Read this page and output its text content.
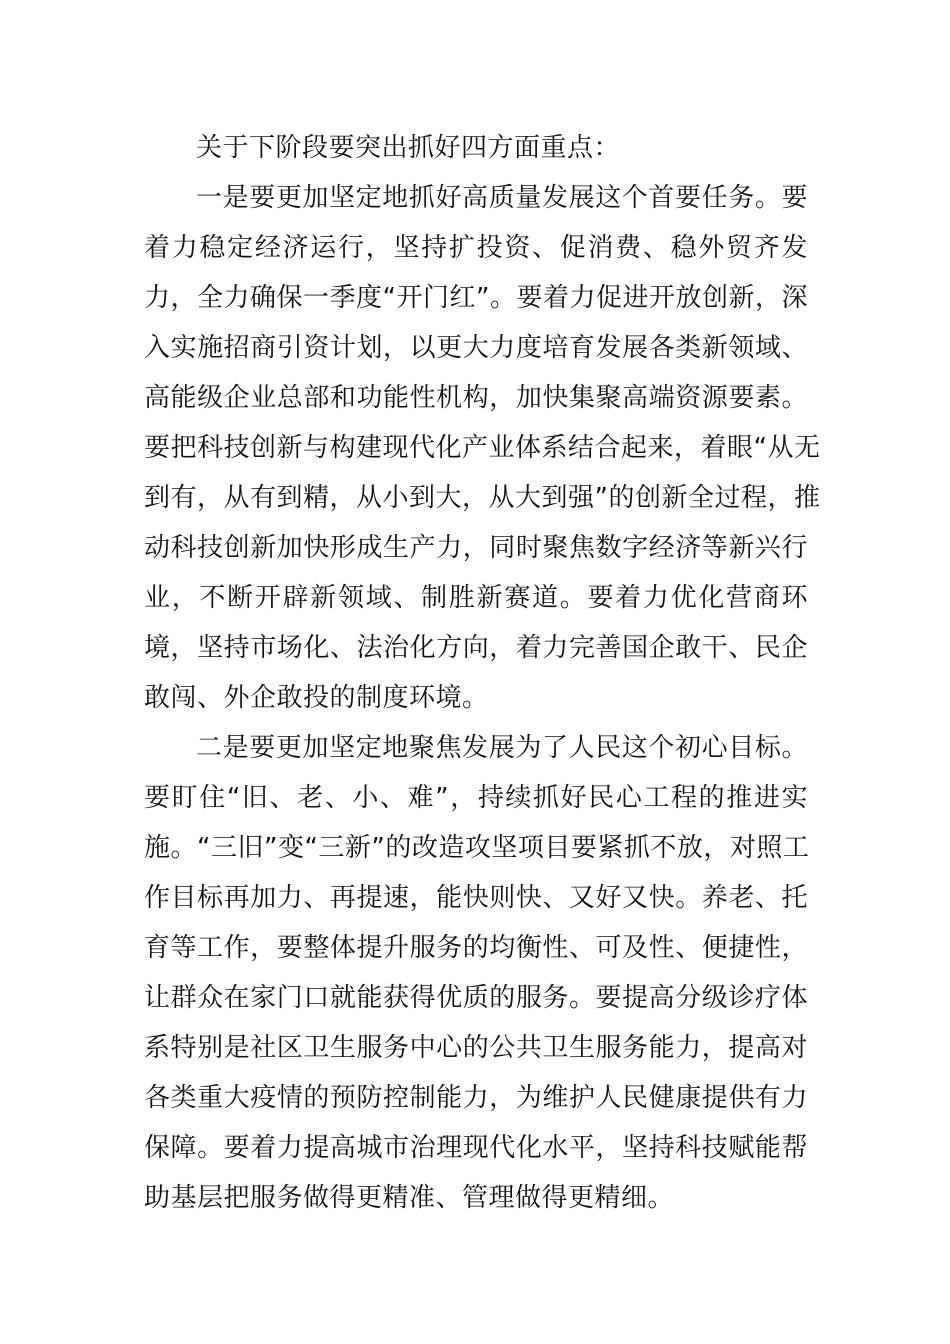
关于下阶段要突出抓好四方面重点：
一是要更加坚定地抓好高质量发展这个首要任务。要
着力稳定经济运行，坚持扩投资、促消费、稳外贸齐发
力，全力确保一季度“开门红”。要着力促进开放创新，深
入实施招商引资计划，以更大力度培育发展各类新领域、
高能级企业总部和功能性机构，加快集聚高端资源要素。
要把科技创新与构建现代化产业体系结合起来，着眼“从无
到有，从有到精，从小到大，从大到强”的创新全过程，推
动科技创新加快形成生产力，同时聚焦数字经济等新兴行
业，不断开辟新领域、制胜新赛道。要着力优化营商环
境，坚持市场化、法治化方向，着力完善国企敢干、民企
敢闯、外企敢投的制度环境。
二是要更加坚定地聚焦发展为了人民这个初心目标。
要盯住“旧、老、小、难”，持续抓好民心工程的推进实
施。“三旧”变“三新”的改造攻坚项目要紧抓不放，对照工
作目标再加力、再提速，能快则快、又好又快。养老、托
育等工作，要整体提升服务的均衡性、可及性、便捷性，
让群众在家门口就能获得优质的服务。要提高分级诊疗体
系特别是社区卫生服务中心的公共卫生服务能力，提高对
各类重大疫情的预防控制能力，为维护人民健康提供有力
保障。要着力提高城市治理现代化水平，坚持科技赋能帮
助基层把服务做得更精准、管理做得更精细。
